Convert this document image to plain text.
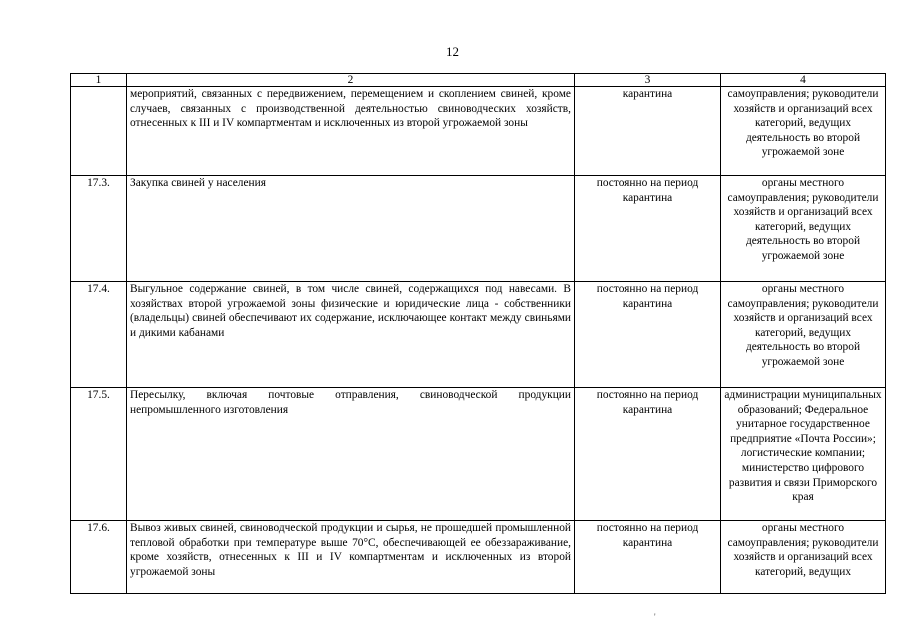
12
1	2	3	4
	мероприятий, связанных с передвижением, перемещением и скоплением свиней, кроме случаев, связанных с производственной деятельностью свиноводческих хозяйств, отнесенных к III и IV компартментам и исключенных из второй угрожаемой зоны	карантина	самоуправления; руководители хозяйств и организаций всех категорий, ведущих деятельность во второй угрожаемой зоне
17.3.	Закупка свиней у населения	постоянно на период карантина	органы местного самоуправления; руководители хозяйств и организаций всех категорий, ведущих деятельность во второй угрожаемой зоне
17.4.	Выгульное содержание свиней, в том числе свиней, содержащихся под навесами. В хозяйствах второй угрожаемой зоны физические и юридические лица - собственники (владельцы) свиней обеспечивают их содержание, исключающее контакт между свиньями и дикими кабанами	постоянно на период карантина	органы местного самоуправления; руководители хозяйств и организаций всех категорий, ведущих деятельность во второй угрожаемой зоне
17.5.	Пересылку, включая почтовые отправления, свиноводческой продукции непромышленного изготовления	постоянно на период карантина	администрации муниципальных образований; Федеральное унитарное государственное предприятие «Почта России»; логистические компании; министерство цифрового развития и связи Приморского края
17.6.	Вывоз живых свиней, свиноводческой продукции и сырья, не прошедшей промышленной тепловой обработки при температуре выше 70°С, обеспечивающей ее обеззараживание, кроме хозяйств, отнесенных к III и IV компартментам и исключенных из второй угрожаемой зоны	постоянно на период карантина	органы местного самоуправления; руководители хозяйств и организаций всех категорий, ведущих
'
